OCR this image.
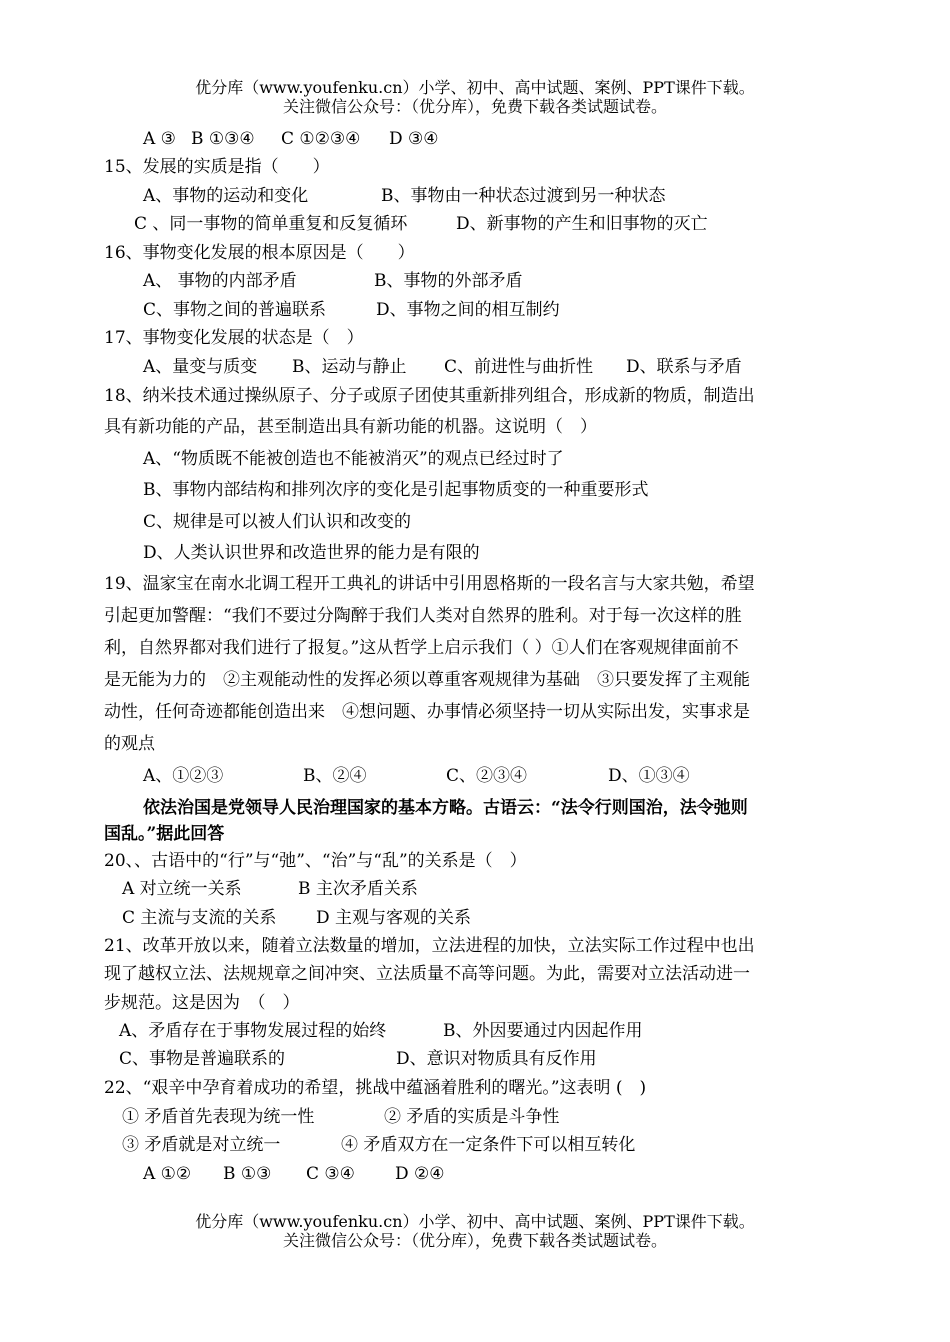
优分库（www.youfenku.cn）小学、初中、高中试题、案例、PPT课件下载。
关注微信公众号：（优分库），免费下载各类试题试卷。
A ③ B ①③④ C ①②③④ D ③④
15、发展的实质是指（　　）
A、事物的运动和变化	B、事物由一种状态过渡到另一种状态
C 、同一事物的简单重复和反复循环	D、新事物的产生和旧事物的灭亡
16、事物变化发展的根本原因是（　　）
A、 事物的内部矛盾	B、事物的外部矛盾
C、事物之间的普遍联系	D、事物之间的相互制约
17、事物变化发展的状态是（　）
A、量变与质变 B、运动与静止 C、前进性与曲折性 D、联系与矛盾
18、纳米技术通过操纵原子、分子或原子团使其重新排列组合，形成新的物质，制造出
具有新功能的产品，甚至制造出具有新功能的机器。这说明（　）
A、“物质既不能被创造也不能被消灭”的观点已经过时了
B、事物内部结构和排列次序的变化是引起事物质变的一种重要形式
C、规律是可以被人们认识和改变的
D、人类认识世界和改造世界的能力是有限的
19、温家宝在南水北调工程开工典礼的讲话中引用恩格斯的一段名言与大家共勉，希望
引起更加警醒：“我们不要过分陶醉于我们人类对自然界的胜利。对于每一次这样的胜
利，自然界都对我们进行了报复。”这从哲学上启示我们（ ）①人们在客观规律面前不
是无能为力的　②主观能动性的发挥必须以尊重客观规律为基础　③只要发挥了主观能
动性，任何奇迹都能创造出来　④想问题、办事情必须坚持一切从实际出发，实事求是
的观点
A、①②③	B、②④	C、②③④	D、①③④
依法治国是党领导人民治理国家的基本方略。古语云：“法令行则国治，法令弛则
国乱。”据此回答
20、、古语中的“行”与“弛”、“治”与“乱”的关系是（　）
A 对立统一关系	B 主次矛盾关系
C 主流与支流的关系 D 主观与客观的关系
21、改革开放以来，随着立法数量的增加，立法进程的加快，立法实际工作过程中也出
现了越权立法、法规规章之间冲突、立法质量不高等问题。为此，需要对立法活动进一
步规范。这是因为　（　）
A、矛盾存在于事物发展过程的始终	B、外因要通过内因起作用
C、事物是普遍联系的	D、意识对物质具有反作用
22、“艰辛中孕育着成功的希望，挑战中蕴涵着胜利的曙光。”这表明 (　)
① 矛盾首先表现为统一性	② 矛盾的实质是斗争性
③ 矛盾就是对立统一	④ 矛盾双方在一定条件下可以相互转化
A ①② B ①③ C ③④ D ②④
优分库（www.youfenku.cn）小学、初中、高中试题、案例、PPT课件下载。
关注微信公众号：（优分库），免费下载各类试题试卷。
